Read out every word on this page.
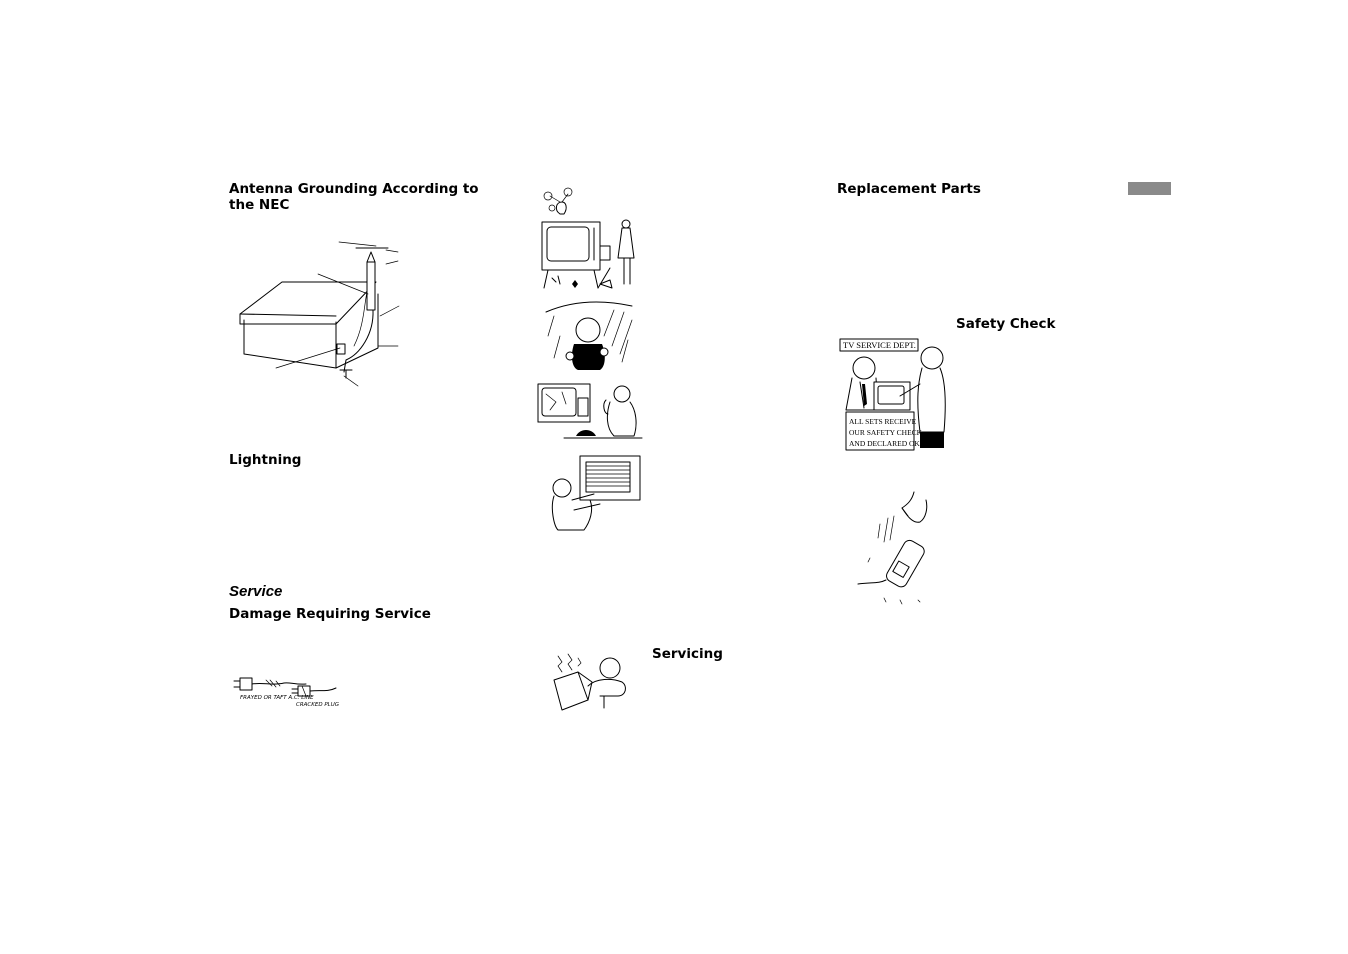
Antenna Grounding According to the NEC
Lightning
Service
Damage Requiring Service
Servicing
Replacement Parts
Safety Check
FRAYED OR TAFT A.C. LINE
CRACKED PLUG
TV SERVICE DEPT.
ALL SETS RECEIVE
OUR SAFETY CHECK
AND DECLARED OK
